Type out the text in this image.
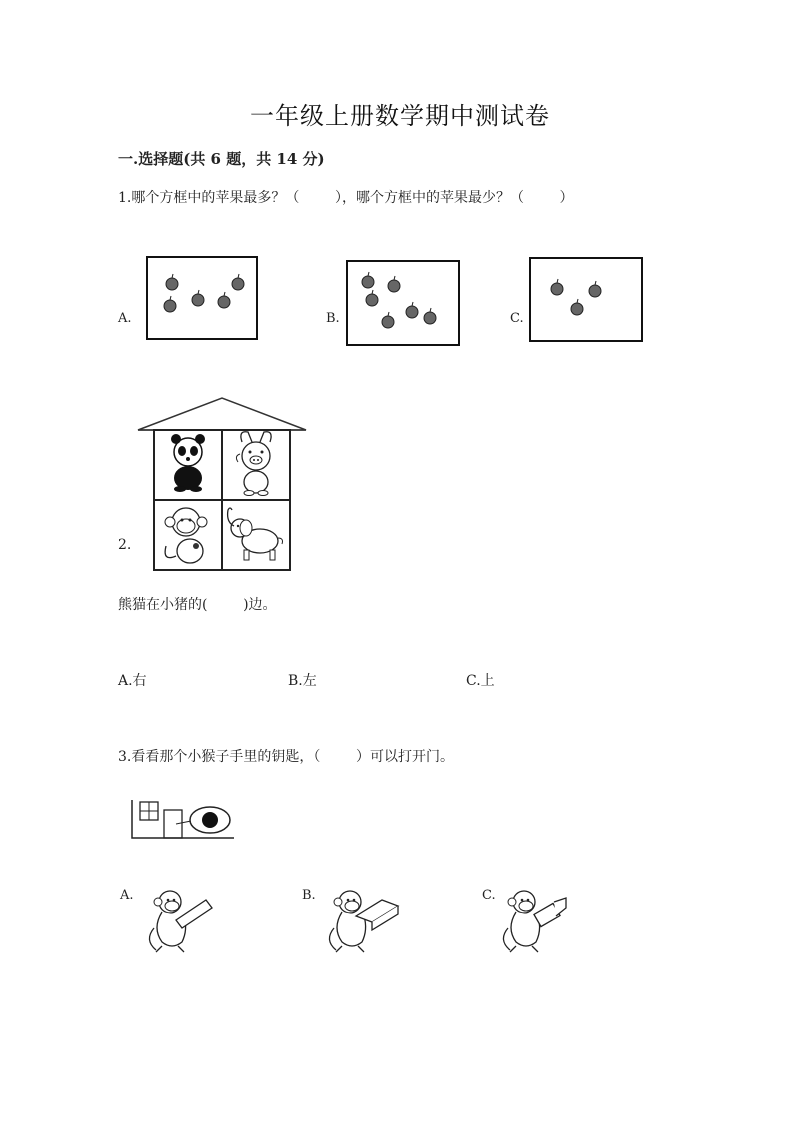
一年级上册数学期中测试卷
一.选择题(共 6 题，共 14 分)
1.哪个方框中的苹果最多？（        ），哪个方框中的苹果最少？（        ）
A.	B.	C.
2.
熊猫在小猪的(        )边。
A.右	B.左	C.上
3.看看那个小猴子手里的钥匙，（        ）可以打开门。
A.	B.	C.
